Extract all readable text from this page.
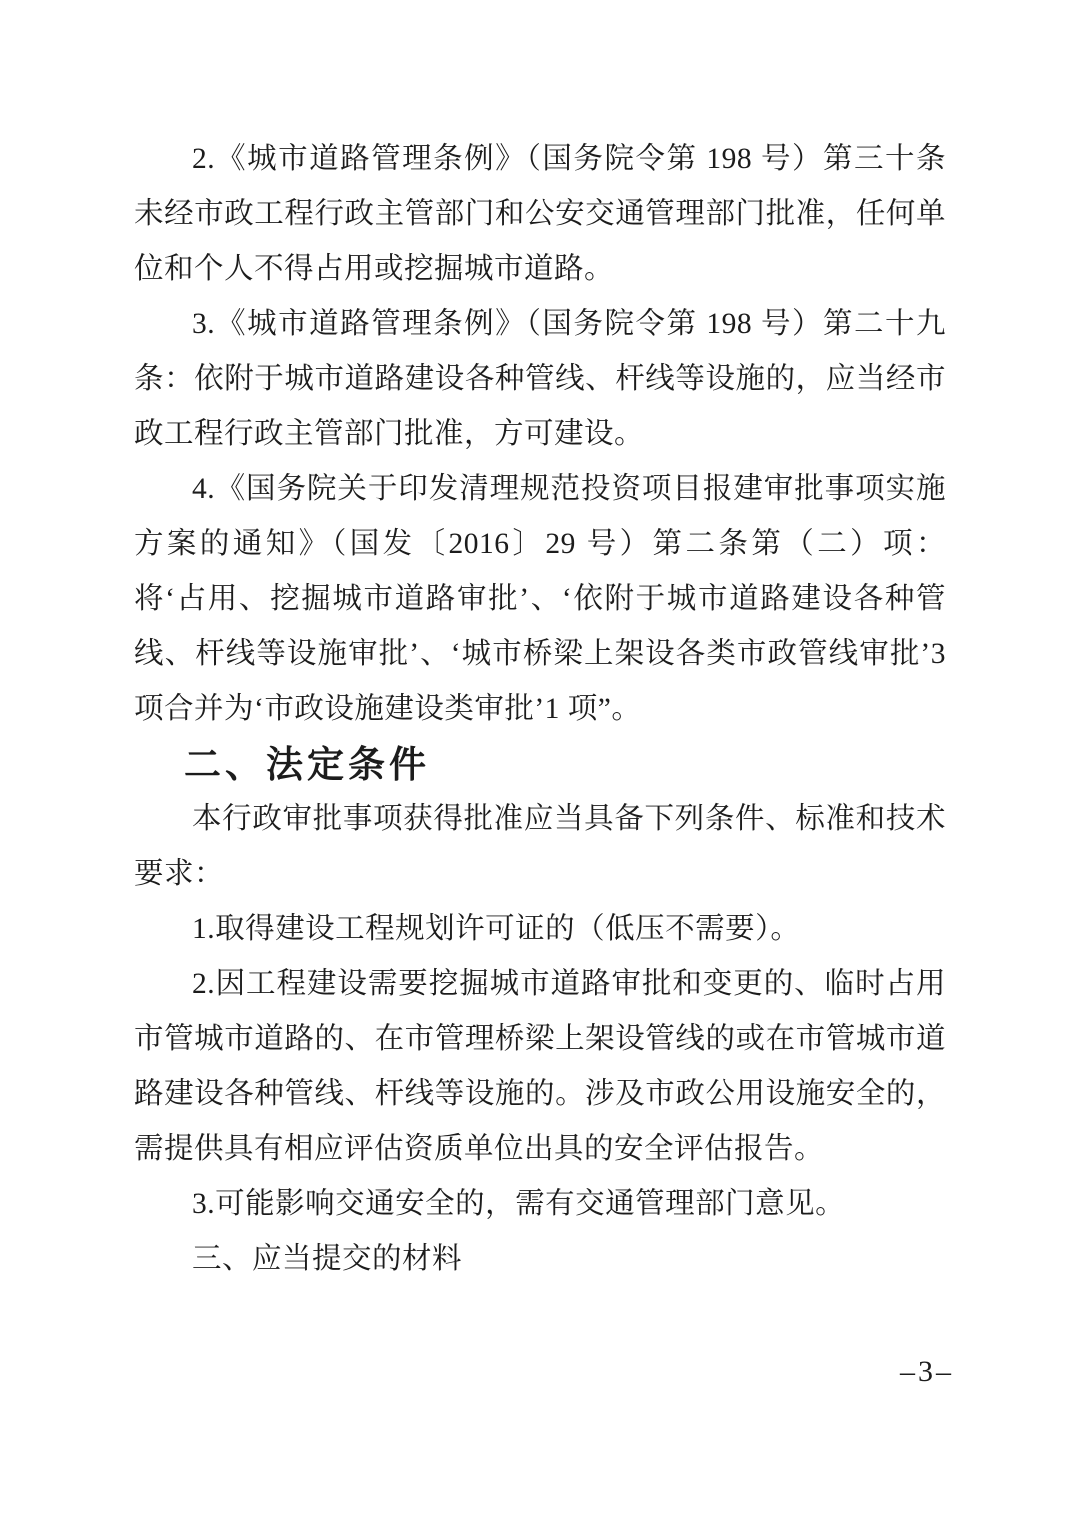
2.《城市道路管理条例》（国务院令第 198 号）第三十条　未经市政工程行政主管部门和公安交通管理部门批准，任何单位和个人不得占用或挖掘城市道路。

3.《城市道路管理条例》（国务院令第 198 号）第二十九条：依附于城市道路建设各种管线、杆线等设施的，应当经市政工程行政主管部门批准，方可建设。

4.《国务院关于印发清理规范投资项目报建审批事项实施方案的通知》（国发〔2016〕29 号）第二条第（二）项：将‘占用、挖掘城市道路审批’、‘依附于城市道路建设各种管线、杆线等设施审批’、‘城市桥梁上架设各类市政管线审批’3 项合并为‘市政设施建设类审批’1 项”。

二、法定条件

本行政审批事项获得批准应当具备下列条件、标准和技术要求：

1.取得建设工程规划许可证的（低压不需要）。

2.因工程建设需要挖掘城市道路审批和变更的、临时占用市管城市道路的、在市管理桥梁上架设管线的或在市管城市道路建设各种管线、杆线等设施的。涉及市政公用设施安全的，需提供具有相应评估资质单位出具的安全评估报告。

3.可能影响交通安全的，需有交通管理部门意见。

三、应当提交的材料

–3–
